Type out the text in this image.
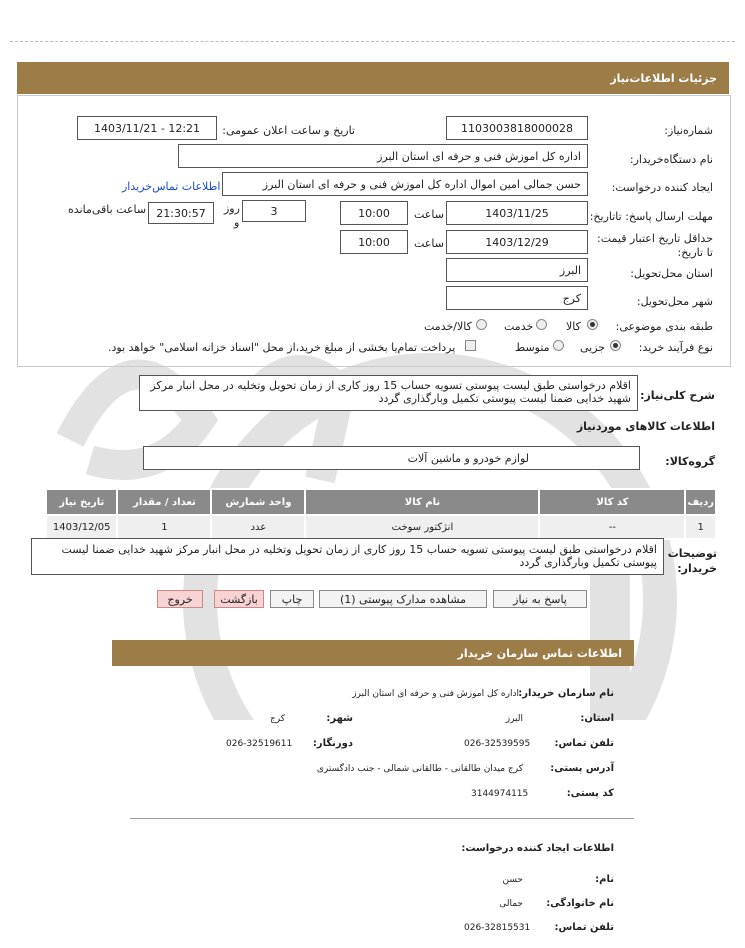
جزئیات اطلاعات‌نیاز
شماره‌نیاز:
1103003818000028
تاریخ و ساعت اعلان عمومی:
1403/11/21 - 12:21
نام دستگاه‌خریدار:
اداره کل اموزش فنی و حرفه ای استان البرز
ایجاد کننده درخواست:
حسن جمالی امین اموال اداره کل اموزش فنی و حرفه ای استان البرز
اطلاعات تماس‌خریدار
مهلت ارسال پاسخ: تاتاریخ:
1403/11/25
ساعت
10:00
3
روز
و
21:30:57
ساعت باقی‌مانده
حداقل تاریخ اعتبار قیمت: تا تاریخ:
1403/12/29
ساعت
10:00
استان محل‌تحویل:
البرز
شهر محل‌تحویل:
کرج
طبقه بندی موضوعی:
کالا
خدمت
کالا/خدمت
نوع فرآیند خرید:
جزیی
متوسط
پرداخت تمام‌یا بخشی از مبلغ خرید،از محل "اسناد خزانه اسلامی" خواهد بود.
شرح کلی‌نیاز:
اقلام درخواستی طبق لیست پیوستی تسویه حساب 15 روز کاری از زمان تحویل وتخلیه در محل انبار مرکز شهید خدایی ضمنا لیست پیوستی تکمیل وبارگذاری گردد
اطلاعات کالاهای موردنیاز
گروه‌کالا:
لوازم خودرو و ماشین آلات
ردیف	کد کالا	نام کالا	واحد شمارش	تعداد / مقدار	تاریخ نیاز
1	--	انژکتور سوخت	عدد	1	1403/12/05
توضیحات خریدار:
اقلام درخواستی طبق لیست پیوستی تسویه حساب 15 روز کاری از زمان تحویل وتخلیه در محل انبار مرکز شهید خدایی ضمنا لیست پیوستی تکمیل وبارگذاری گردد
پاسخ به نیاز
مشاهده مدارک پیوستی (1)
چاپ
بازگشت
خروج
اطلاعات تماس سازمان خریدار
نام سازمان خریدار:
اداره کل اموزش فنی و حرفه ای استان البرز
استان:
البرز
شهر:
کرج
تلفن تماس:
026-32539595
دورنگار:
026-32519611
آدرس پستی:
کرج میدان طالقانی - طالقانی شمالی - جنب دادگستری
کد پستی:
3144974115
اطلاعات ایجاد کننده درخواست:
نام:
حسن
نام خانوادگی:
جمالی
تلفن تماس:
026-32815531
